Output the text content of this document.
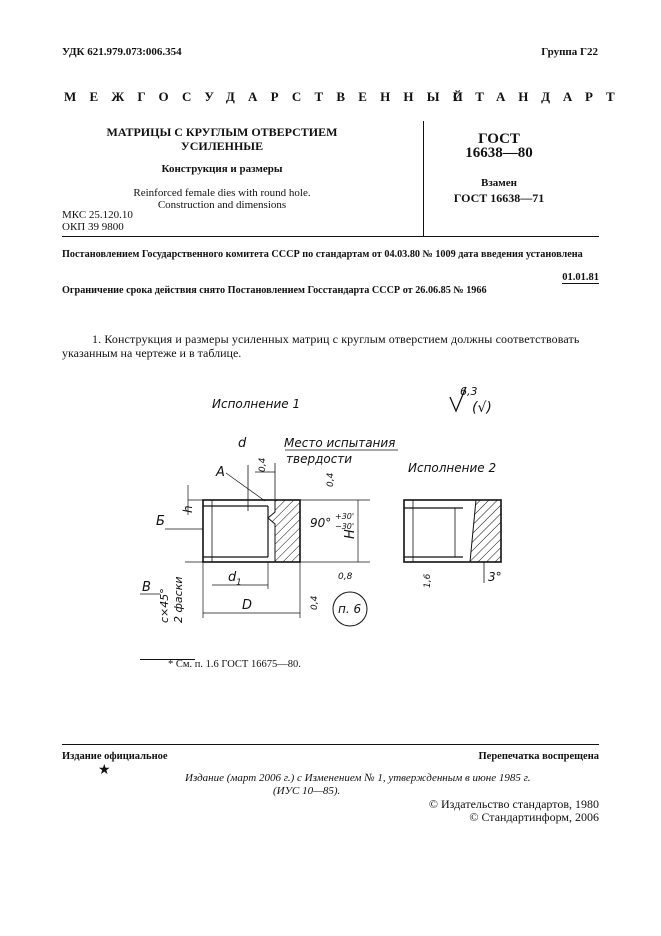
УДК 621.979.073:006.354	Группа Г22
МЕЖГОСУДАРСТВЕННЫЙ
СТАНДАРТ
МАТРИЦЫ С КРУГЛЫМ ОТВЕРСТИЕМ
УСИЛЕННЫЕ
Конструкция и размеры
Reinforced female dies with round hole.
Construction and dimensions
МКС 25.120.10
ОКП 39 9800
ГОСТ
16638—80
Взамен
ГОСТ 16638—71
Постановлением Государственного комитета СССР по стандартам от 04.03.80 № 1009 дата введения установлена
01.01.81
Ограничение срока действия снято Постановлением Госстандарта СССР от 26.06.85 № 1966
1. Конструкция и размеры усиленных матриц с круглым отверстием должны соответствовать
указанным на чертеже и в таблице.
Исполнение 1
Исполнение 2
6,3
(√)
d	Место испытания
твердости
А
Б
В
h
H
d 1
D
0,4
0,4
0,4
0,8	1,6
90° +30'
−30'
3°
c×45° 2 фаски	п. 6
* См. п. 1.6 ГОСТ 16675—80.
Издание официальное	Перепечатка воспрещена
★	Издание (март 2006 г.) с Изменением № 1, утвержденным в июне 1985 г.
(ИУС 10—85).
© Издательство стандартов, 1980
© Стандартинформ, 2006
